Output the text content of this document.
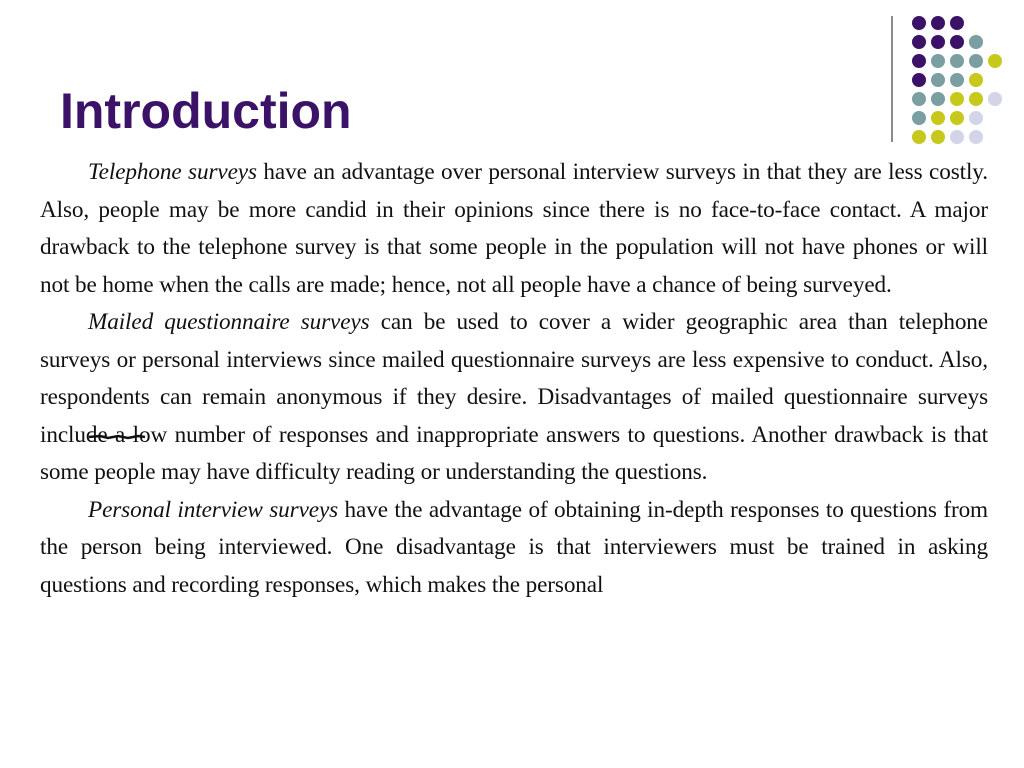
Introduction

Telephone surveys have an advantage over personal interview surveys in that they are less costly. Also, people may be more candid in their opinions since there is no face-to-face contact. A major drawback to the telephone survey is that some people in the population will not have phones or will not be home when the calls are made; hence, not all people have a chance of being surveyed.

Mailed questionnaire surveys can be used to cover a wider geographic area than telephone surveys or personal interviews since mailed questionnaire surveys are less expensive to conduct. Also, respondents can remain anonymous if they desire. Disadvantages of mailed questionnaire surveys include a low number of responses and inappropriate answers to questions. Another drawback is that some people may have difficulty reading or understanding the questions.

Personal interview surveys have the advantage of obtaining in-depth responses to questions from the person being interviewed. One disadvantage is that interviewers must be trained in asking questions and recording responses, which makes the personal
